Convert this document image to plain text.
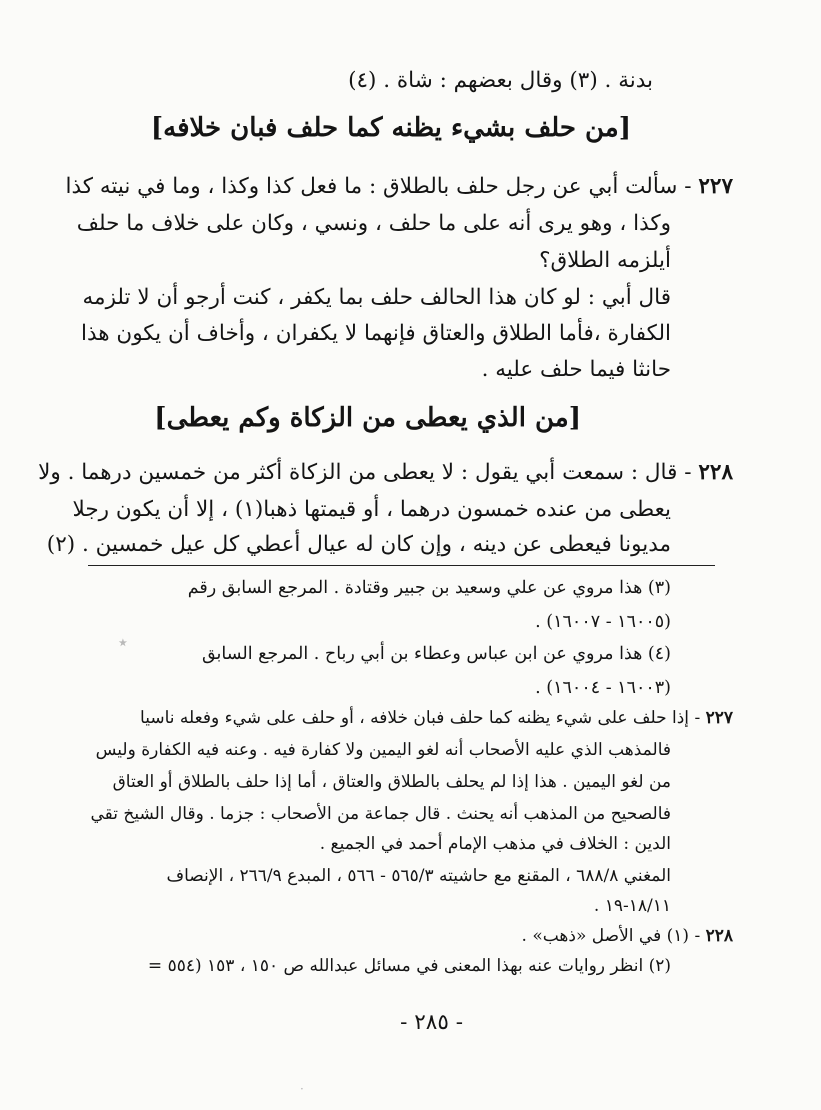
بدنة . (٣) وقال بعضهم : شاة . (٤)
[من حلف بشيء يظنه كما حلف فبان خلافه]
٢٢٧ - سألت أبي عن رجل حلف بالطلاق : ما فعل كذا وكذا ، وما في نيته كذا
وكذا ، وهو يرى أنه على ما حلف ، ونسي ، وكان على خلاف ما حلف
أيلزمه الطلاق؟
قال أبي : لو كان هذا الحالف حلف بما يكفر ، كنت أرجو أن لا تلزمه
الكفارة ،فأما الطلاق والعتاق فإنهما لا يكفران ، وأخاف أن يكون هذا
حانثا فيما حلف عليه .
[من الذي يعطى من الزكاة وكم يعطى]
٢٢٨ - قال : سمعت أبي يقول : لا يعطى من الزكاة أكثر من خمسين درهما . ولا
يعطى من عنده خمسون درهما ، أو قيمتها ذهبا(١) ، إلا أن يكون رجلا
مديونا فيعطى عن دينه ، وإن كان له عيال أعطي كل عيل خمسين . (٢)
(٣) هذا مروي عن علي وسعيد بن جبير وقتادة . المرجع السابق رقم
(١٦٠٠٥ - ١٦٠٠٧) .
(٤) هذا مروي عن ابن عباس وعطاء بن أبي رباح . المرجع السابق
(١٦٠٠٣ - ١٦٠٠٤) .
٢٢٧ - إذا حلف على شيء يظنه كما حلف فبان خلافه ، أو حلف على شيء وفعله ناسيا
فالمذهب الذي عليه الأصحاب أنه لغو اليمين ولا كفارة فيه . وعنه فيه الكفارة وليس
من لغو اليمين . هذا إذا لم يحلف بالطلاق والعتاق ، أما إذا حلف بالطلاق أو العتاق
فالصحيح من المذهب أنه يحنث . قال جماعة من الأصحاب : جزما . وقال الشيخ تقي
الدين : الخلاف في مذهب الإمام أحمد في الجميع .
المغني ٦٨٨/٨ ، المقنع مع حاشيته ٥٦٥/٣ - ٥٦٦ ، المبدع ٢٦٦/٩ ، الإنصاف
١٨/١١-١٩ .
٢٢٨ - (١) في الأصل «ذهب» .
(٢) انظر روايات عنه بهذا المعنى في مسائل عبدالله ص ١٥٠ ، ١٥٣ (٥٥٤ =
- ٢٨٥ -
٭
·
